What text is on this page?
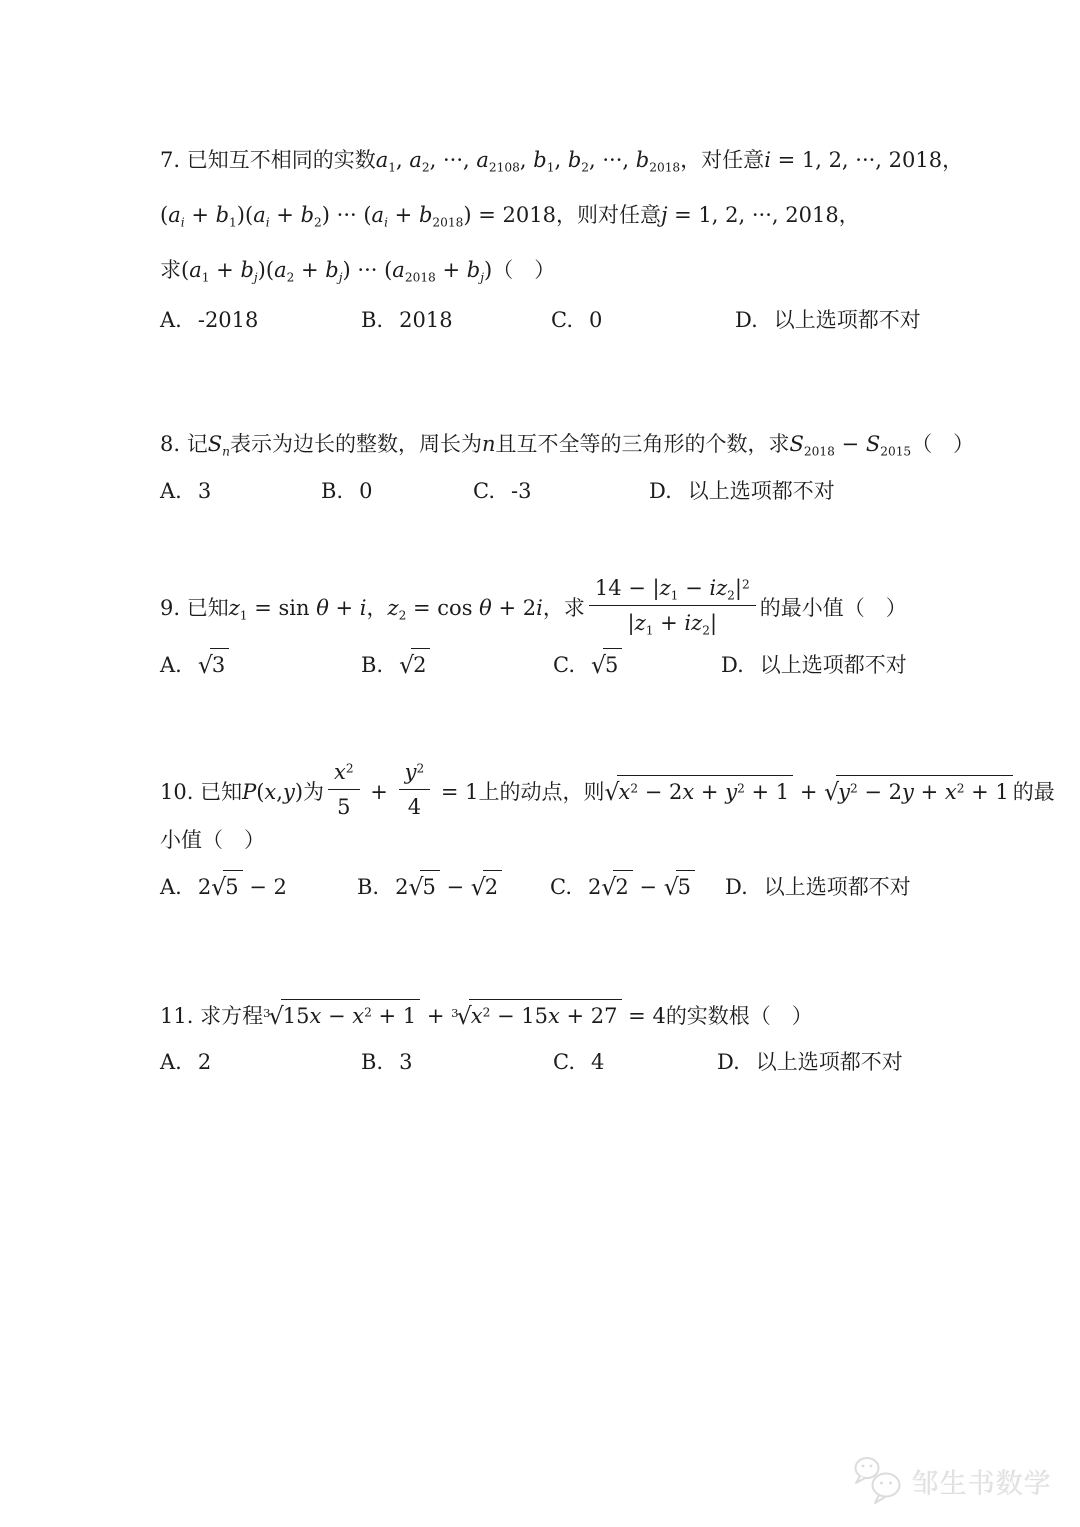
7. 已知互不相同的实数$a_1$, $a_2$, ···, $a_{2108}$, $b_1$, $b_2$, ···, $b_{2018}$，对任意i = 1, 2, ···, 2018，
$(a_i + b_1)(a_i + b_2)$ ··· $(a_i + b_{2018}) = 2018$，则对任意j = 1, 2, ···, 2018，
求$(a_1 + b_j)(a_2 + b_j)$ ··· $(a_{2018} + b_j)$（　）
A. -2018	B. 2018	C. 0	D. 以上选项都不对
8. 记$S_n$表示为边长的整数，周长为n且互不全等的三角形的个数，求$S_{2018} - S_{2015}$（　）
A. 3	B. 0	C. -3	D. 以上选项都不对
9. 已知$z_1 = \sin \theta + i$，$z_2 = \cos \theta + 2i$，求 $\frac{14 - |z_1 - iz_2|^2}{|z_1 + iz_2|}$ 的最小值（　）
A. √3	B. √2	C. √5	D. 以上选项都不对
10. 已知P(x,y)为 $\frac{x^2}{5} + \frac{y^2}{4} = 1$上的动点，则$√x^2 - 2x + y^2 + 1 + √y^2 - 2y + x^2 + 1$ 的最
小值（　）
A. 2√5 − 2	B. 2√5 − √2 C. 2√2 − √5 D. 以上选项都不对
11. 求方程$^3√15x - x^2 + 1 + ^3√x^2 - 15x + 27 = 4$的实数根（　）
A. 2	B. 3	C. 4	D. 以上选项都不对
邹生书数学
